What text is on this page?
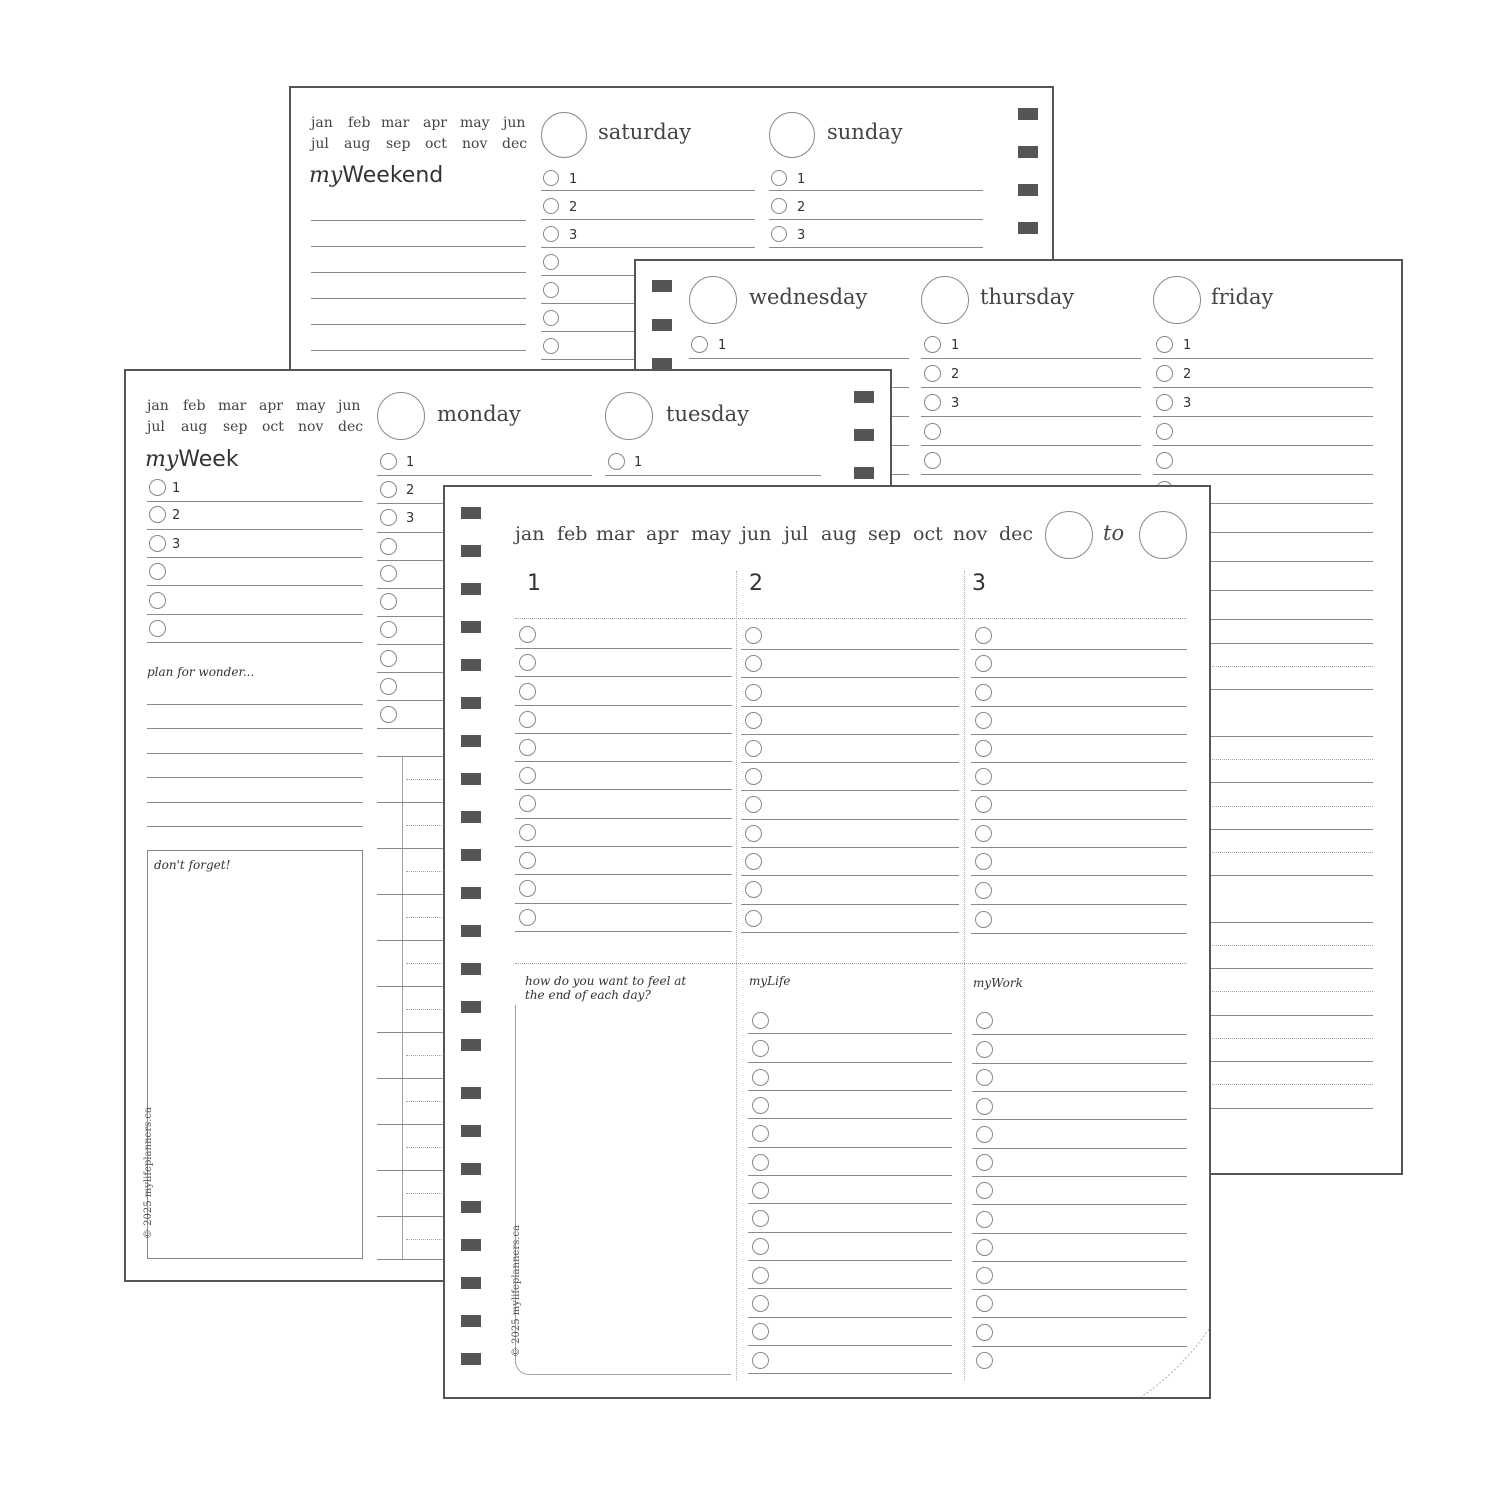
jan feb mar apr may jun
jul aug sep oct nov dec
myWeekend
saturday	sunday
1
2
3
1
2
3
wednesday	thursday	friday
1	1
2
3
1
2
3
jan feb mar apr may jun
jul aug sep oct nov dec
myWeek
1
2
3
plan for wonder...
don't forget!
© 2025 mylifeplanners.ca
monday	tuesday
1
2
3
1
jan feb mar apr may jun jul aug sep oct nov dec	to
1	2	3
how do you want to feel at the end of each day?
© 2025 mylifeplanners.ca
myLife	myWork
